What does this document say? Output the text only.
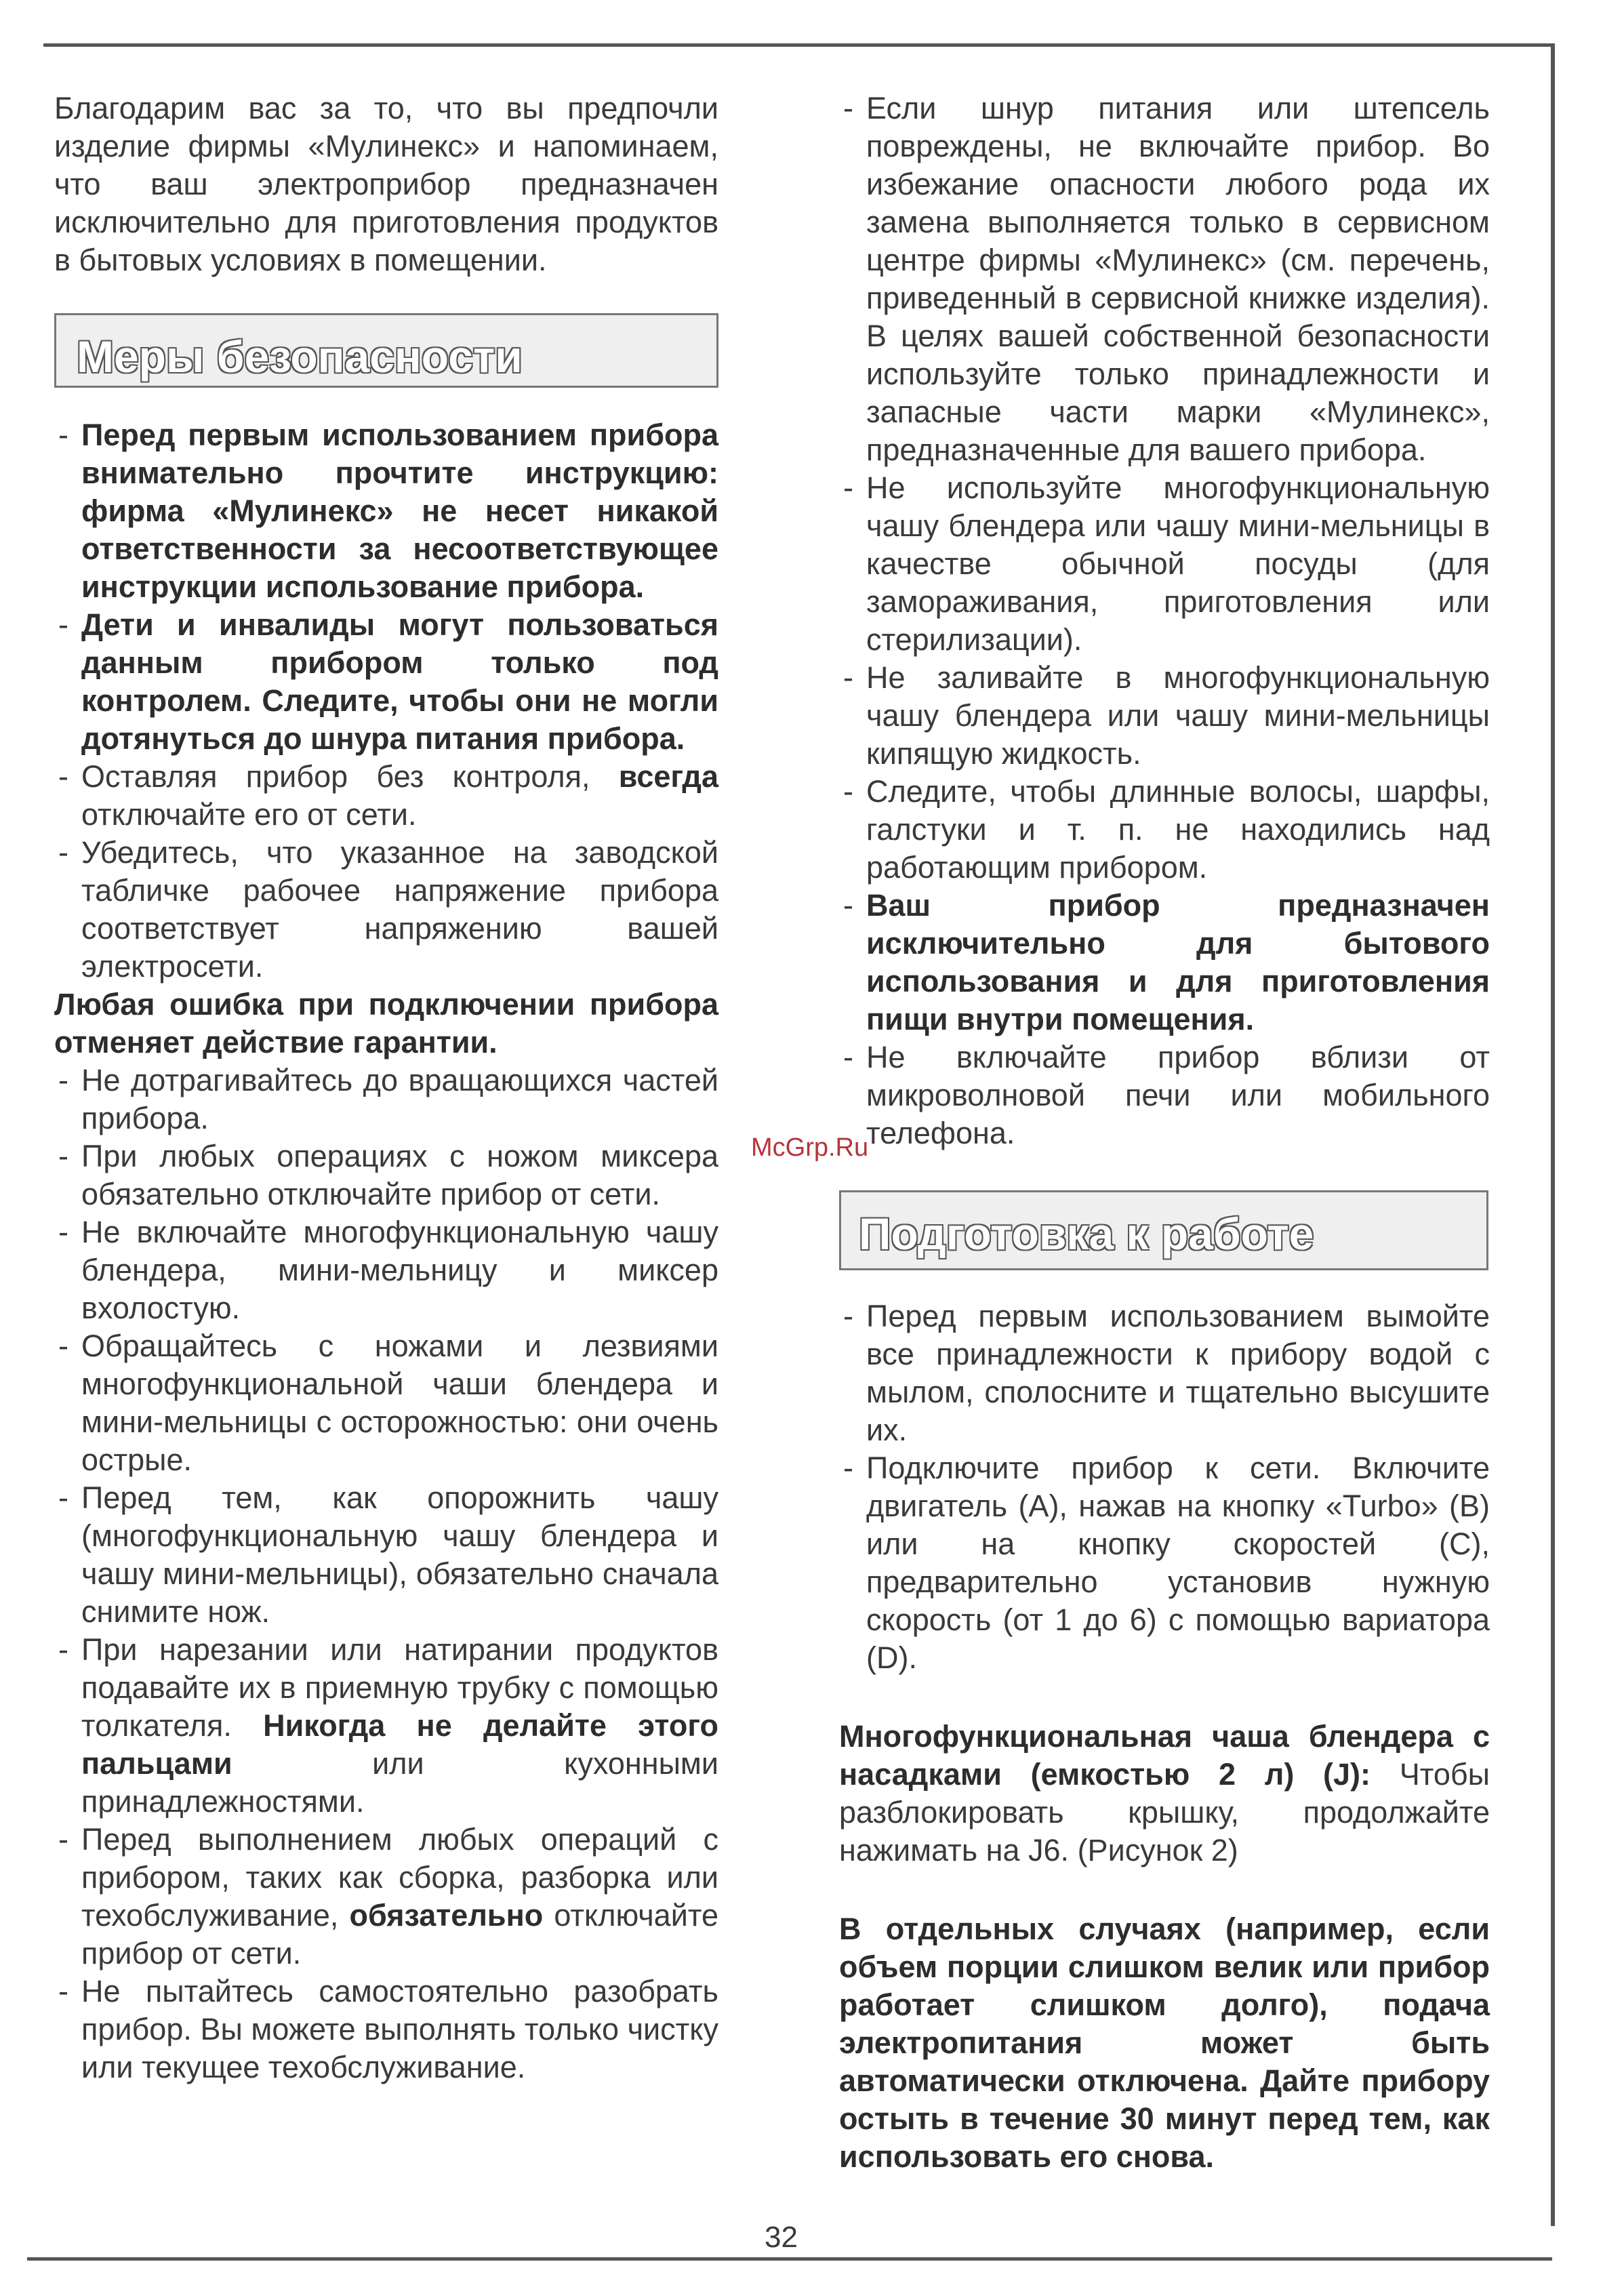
Благодарим вас за то, что вы предпочли изделие фирмы «Мулинекс» и напоминаем, что ваш электроприбор предназначен исключительно для приготовления продуктов в бытовых условиях в помещении.

Меры безопасности
- Перед первым использованием прибора внимательно прочтите инструкцию: фирма «Мулинекс» не несет никакой ответственности за несоответствующее инструкции использование прибора.
- Дети и инвалиды могут пользоваться данным прибором только под контролем. Следите, чтобы они не могли дотянуться до шнура питания прибора.
- Оставляя прибор без контроля, всегда отключайте его от сети.
- Убедитесь, что указанное на заводской табличке рабочее напряжение прибора соответствует напряжению вашей электросети.

Любая ошибка при подключении прибора отменяет действие гарантии.

- Не дотрагивайтесь до вращающихся частей прибора.
- При любых операциях с ножом миксера обязательно отключайте прибор от сети.
- Не включайте многофункциональную чашу блендера, мини-мельницу и миксер вхолостую.
- Обращайтесь с ножами и лезвиями многофункциональной чаши блендера и мини-мельницы с осторожностью: они очень острые.
- Перед тем, как опорожнить чашу (многофункциональную чашу блендера и чашу мини-мельницы), обязательно сначала снимите нож.
- При нарезании или натирании продуктов подавайте их в приемную трубку с помощью толкателя. Никогда не делайте этого пальцами	или кухонными принадлежностями.
- Перед выполнением любых операций с прибором, таких как сборка, разборка или техобслуживание, обязательно отключайте прибор от сети.
- Не пытайтесь самостоятельно разобрать прибор. Вы можете выполнять только чистку или текущее техобслуживание.
- Если шнур питания или штепсель повреждены, не включайте прибор. Во избежание опасности любого рода их замена выполняется только в сервисном центре фирмы «Мулинекс» (см. перечень, приведенный в сервисной книжке изделия). В целях вашей собственной безопасности используйте только принадлежности и запасные части марки «Мулинекс», предназначенные для вашего прибора.
- Не используйте многофункциональную чашу блендера или чашу мини-мельницы в качестве обычной посуды (для замораживания, приготовления или стерилизации).
- Не заливайте в многофункциональную чашу блендера или чашу мини-мельницы кипящую жидкость.
- Следите, чтобы длинные волосы, шарфы, галстуки и т. п. не находились над работающим прибором.
- Ваш прибор предназначен исключительно для бытового использования и для приготовления пищи внутри помещения.
- Не включайте прибор вблизи от микроволновой печи или мобильного телефона.
Подготовка к работе
- Перед первым использованием вымойте все принадлежности к прибору водой с мылом, сполосните и тщательно высушите их.
- Подключите прибор к сети. Включите двигатель (А), нажав на кнопку «Turbo» (В) или на кнопку скоростей (С), предварительно установив нужную скорость (от 1 до 6) с помощью вариатора (D).

Многофункциональная чаша блендера с насадками (емкостью 2 л) (J): Чтобы разблокировать крышку, продолжайте нажимать на J6. (Рисунок 2)

В отдельных случаях (например, если объем порции слишком велик или прибор работает слишком долго), подача электропитания может быть автоматически отключена. Дайте прибору остыть в течение 30 минут перед тем, как использовать его снова.

McGrp.Ru
32
